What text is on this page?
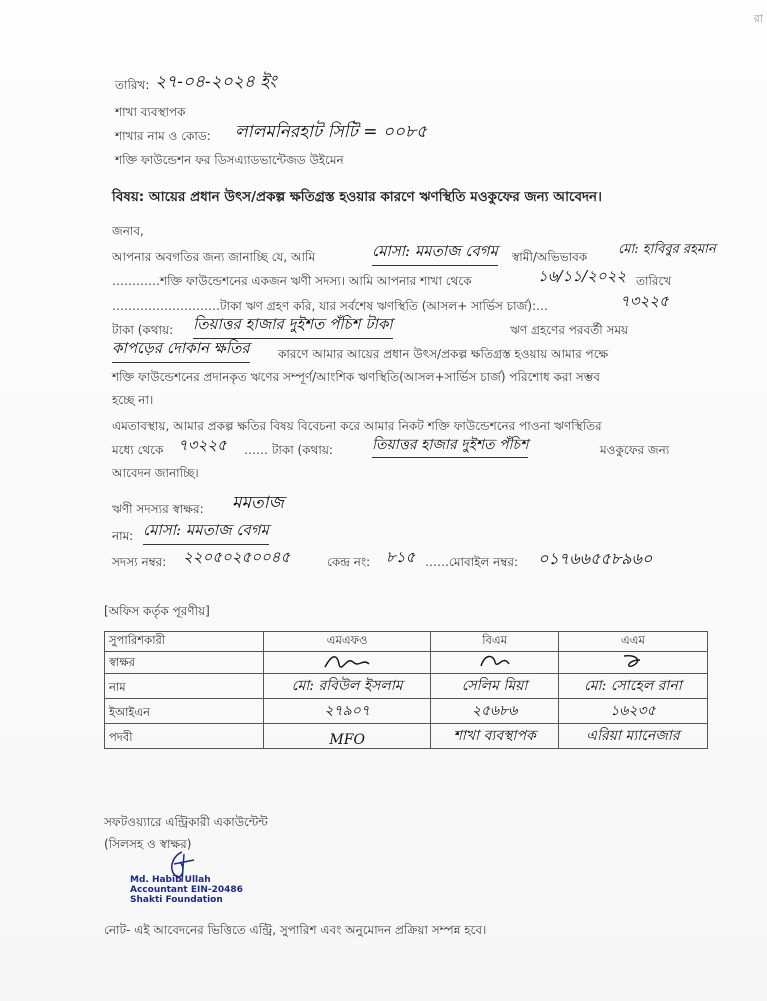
রা
তারিখ: ২৭-০৪-২০২৪ ইং
শাখা ব্যবস্থাপক
শাখার নাম ও কোড: লালমনিরহাট সিটি = ০০৮৫
শক্তি ফাউন্ডেশন ফর ডিসএ্যাডভান্টেজড উইমেন
বিষয়: আয়ের প্রধান উৎস/প্রকল্প ক্ষতিগ্রস্ত হওয়ার কারণে ঋণস্থিতি মওকুফের জন্য আবেদন।
জনাব,
আপনার অবগতির জন্য জানাচ্ছি যে, আমি	মোসা: মমতাজ বেগম স্বামী/অভিভাবক মো: হাবিবুর রহমান
…………শক্তি ফাউন্ডেশনের একজন ঋণী সদস্য। আমি আপনার শাখা থেকে	১৬/১১/২০২২ তারিখে
………………………টাকা ঋণ গ্রহণ করি, যার সর্বশেষ ঋণস্থিতি (আসল+ সার্ভিস চার্জ):…	৭৩২২৫
টাকা (কথায়: তিয়াত্তর হাজার দুইশত পঁচিশ টাকা	ঋণ গ্রহণের পরবর্তী সময়
কাপড়ের দোকান ক্ষতির কারণে আমার আয়ের প্রধান উৎস/প্রকল্প ক্ষতিগ্রস্ত হওয়ায় আমার পক্ষে
শক্তি ফাউন্ডেশনের প্রদানকৃত ঋণের সম্পূর্ণ/আংশিক ঋণস্থিতি(আসল+সার্ভিস চার্জ) পরিশোধ করা সম্ভব
হচ্ছে না।
এমতাবস্থায়, আমার প্রকল্প ক্ষতির বিষয় বিবেচনা করে আমার নিকট শক্তি ফাউন্ডেশনের পাওনা ঋণস্থিতির
মধ্যে থেকে ৭৩২২৫ …… টাকা (কথায়:	তিয়াত্তর হাজার দুইশত পঁচিশ	মওকুফের জন্য
আবেদন জানাচ্ছি।
ঋণী সদস্যর স্বাক্ষর: মমতাজ
নাম: মোসা: মমতাজ বেগম
সদস্য নম্বর: ২২০৫০২৫০০৪৫	কেন্দ্র নং: ৮১৫ ……মোবাইল নম্বর: ০১৭৬৬৫৫৮৯৬০
[অফিস কর্তৃক পূরণীয়]
সুপারিশকারী	এমএফও	বিএম	এএম
স্বাক্ষর			
নাম	মো: রবিউল ইসলাম	সেলিম মিয়া	মো: সোহেল রানা
ইআইএন	২৭৯০৭	২৫৬৮৬	১৬২৩৫
পদবী	MFO	শাখা ব্যবস্থাপক	এরিয়া ম্যানেজার
সফটওয়্যারে এন্ট্রিকারী একাউন্টেন্ট
(সিলসহ ও স্বাক্ষর)
Md. Habib Ullah
Accountant EIN-20486
Shakti Foundation
নোট- এই আবেদনের ভিত্তিতে এন্ট্রি, সুপারিশ এবং অনুমোদন প্রক্রিয়া সম্পন্ন হবে।
